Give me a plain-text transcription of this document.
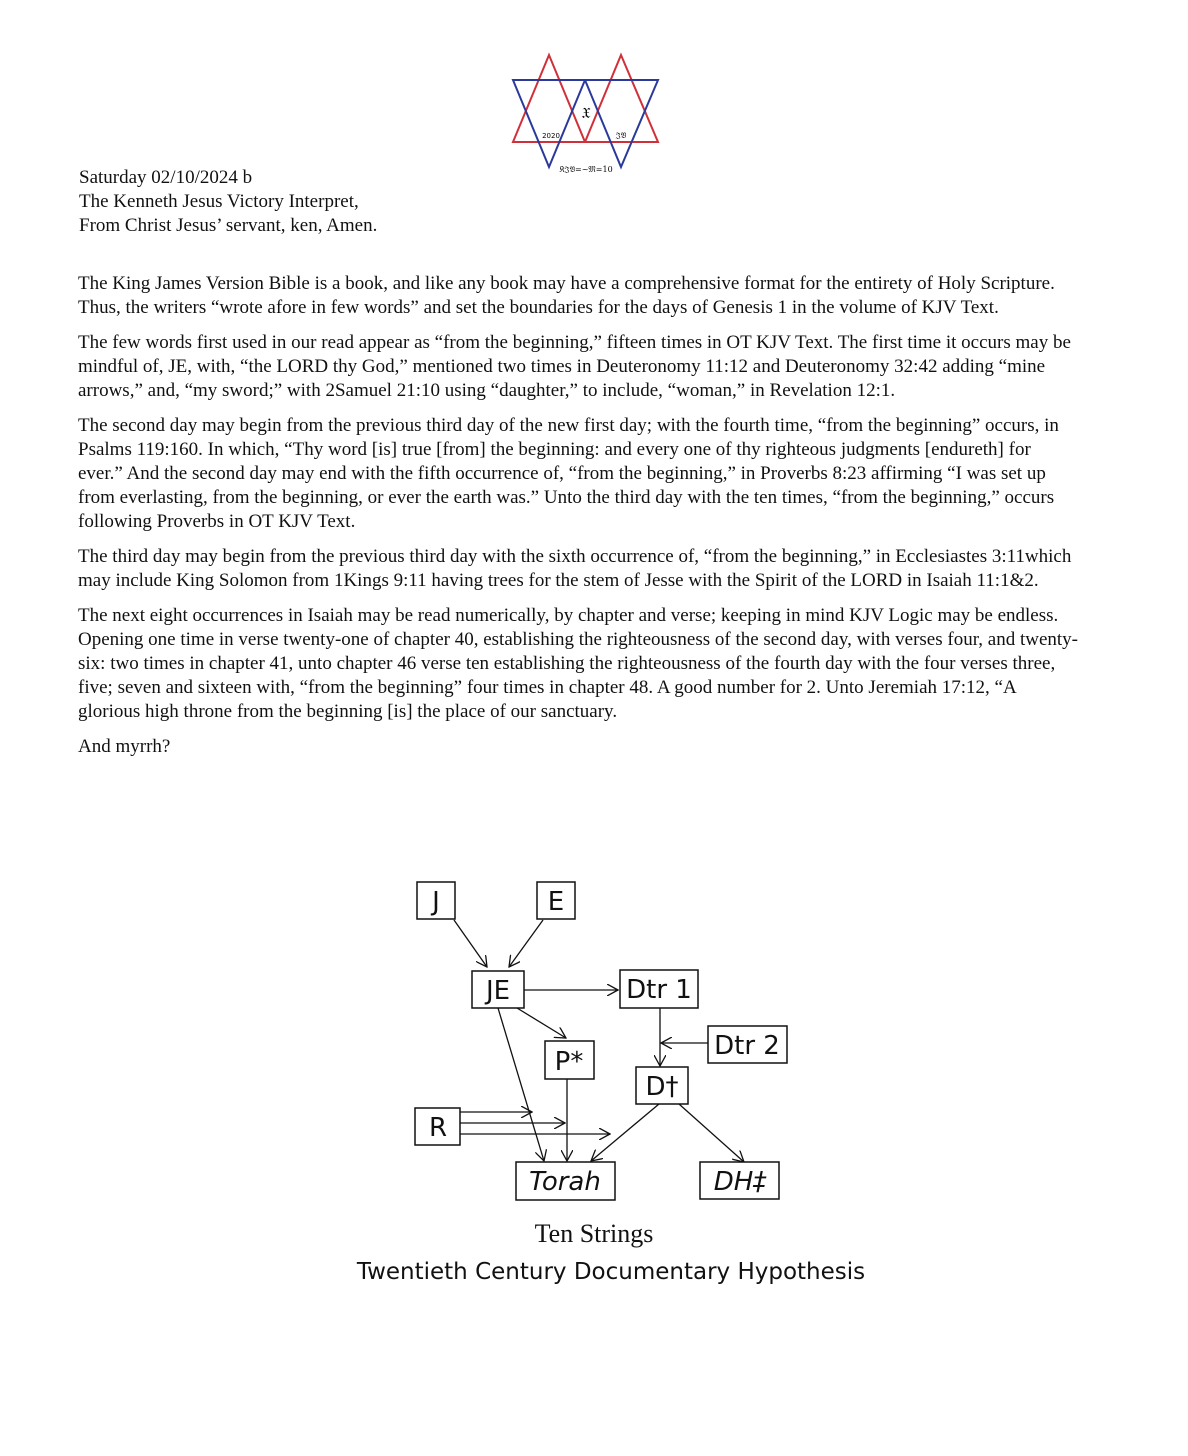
𝔛
2020	𝔍𝔙
𝔎𝔍𝔙=~𝔐=10
Saturday 02/10/2024 b
The Kenneth Jesus Victory Interpret,
From Christ Jesus’ servant, ken, Amen.

The King James Version Bible is a book, and like any book may have a comprehensive format for the entirety of Holy Scripture. Thus, the writers “wrote afore in few words” and set the boundaries for the days of Genesis 1 in the volume of KJV Text.

The few words first used in our read appear as “from the beginning,” fifteen times in OT KJV Text. The first time it occurs may be mindful of, JE, with, “the LORD thy God,” mentioned two times in Deuteronomy 11:12 and Deuteronomy 32:42 adding “mine arrows,” and, “my sword;” with 2Samuel 21:10 using “daughter,” to include, “woman,” in Revelation 12:1.

The second day may begin from the previous third day of the new first day; with the fourth time, “from the beginning” occurs, in Psalms 119:160. In which, “Thy word [is] true [from] the beginning: and every one of thy righteous judgments [endureth] for ever.” And the second day may end with the fifth occurrence of, “from the beginning,” in Proverbs 8:23 affirming “I was set up from everlasting, from the beginning, or ever the earth was.” Unto the third day with the ten times, “from the beginning,” occurs following Proverbs in OT KJV Text.

The third day may begin from the previous third day with the sixth occurrence of, “from the beginning,” in Ecclesiastes 3:11which may include King Solomon from 1Kings 9:11 having trees for the stem of Jesse with the Spirit of the LORD in Isaiah 11:1&2.

The next eight occurrences in Isaiah may be read numerically, by chapter and verse; keeping in mind KJV Logic may be endless. Opening one time in verse twenty-one of chapter 40, establishing the righteousness of the second day, with verses four, and twenty-six: two times in chapter 41, unto chapter 46 verse ten establishing the righteousness of the fourth day with the four verses three, five; seven and sixteen with, “from the beginning” four times in chapter 48. A good number for 2. Unto Jeremiah 17:12, “A glorious high throne from the beginning [is] the place of our sanctuary.

And myrrh?

J	E
JE	Dtr 1
Dtr 2
P*
D†
R
Torah	DH‡
Ten Strings
Twentieth Century Documentary Hypothesis
